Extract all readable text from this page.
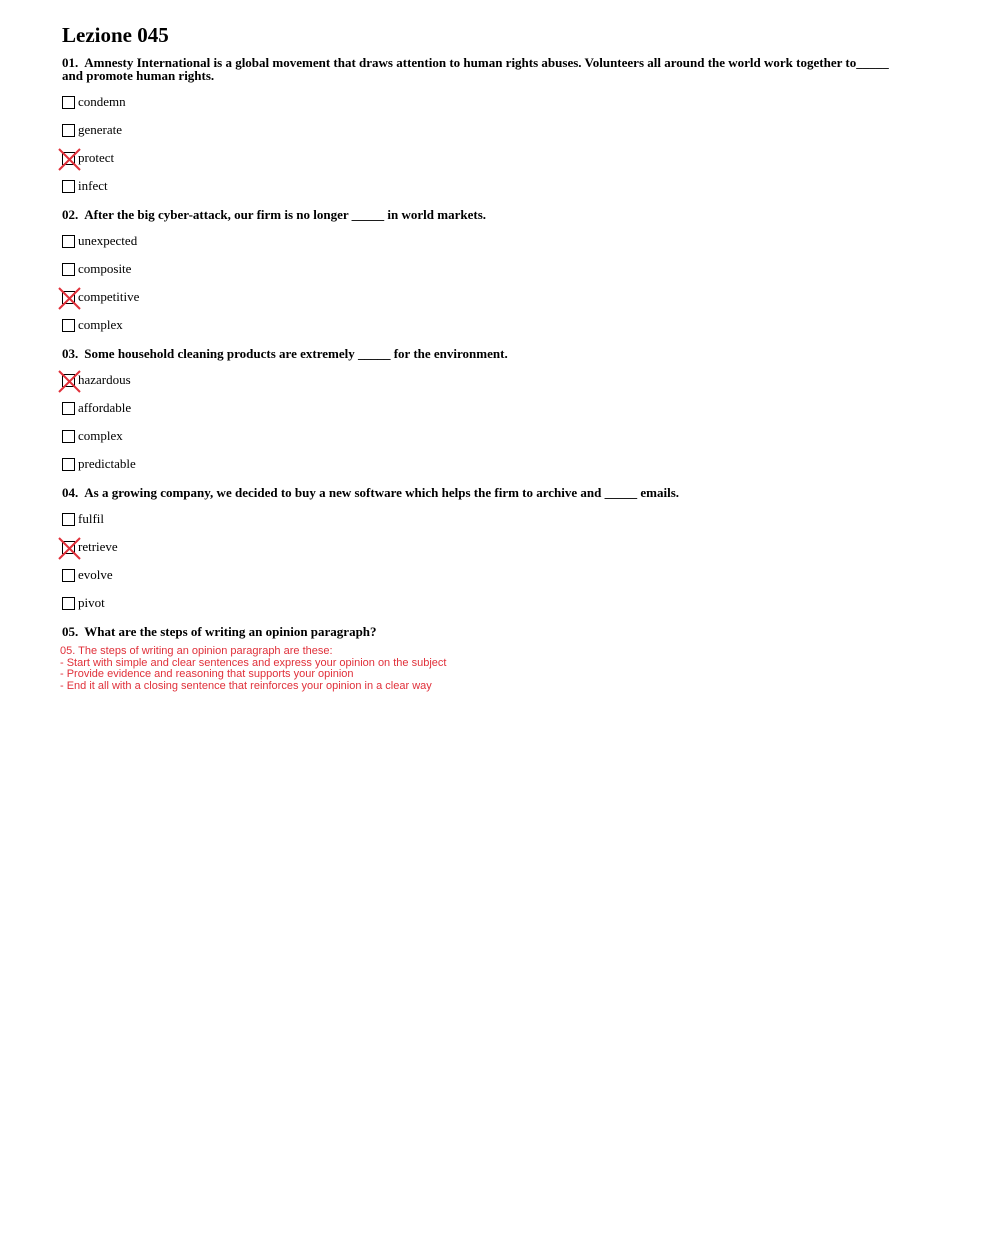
Lezione 045
01. Amnesty International is a global movement that draws attention to human rights abuses. Volunteers all around the world work together to_____ and promote human rights.
condemn
generate
protect
infect
02. After the big cyber-attack, our firm is no longer _____ in world markets.
unexpected
composite
competitive
complex
03. Some household cleaning products are extremely _____ for the environment.
hazardous
affordable
complex
predictable
04. As a growing company, we decided to buy a new software which helps the firm to archive and _____ emails.
fulfil
retrieve
evolve
pivot
05. What are the steps of writing an opinion paragraph?
05. The steps of writing an opinion paragraph are these:
- Start with simple and clear sentences and express your opinion on the subject
- Provide evidence and reasoning that supports your opinion
- End it all with a closing sentence that reinforces your opinion in a clear way
